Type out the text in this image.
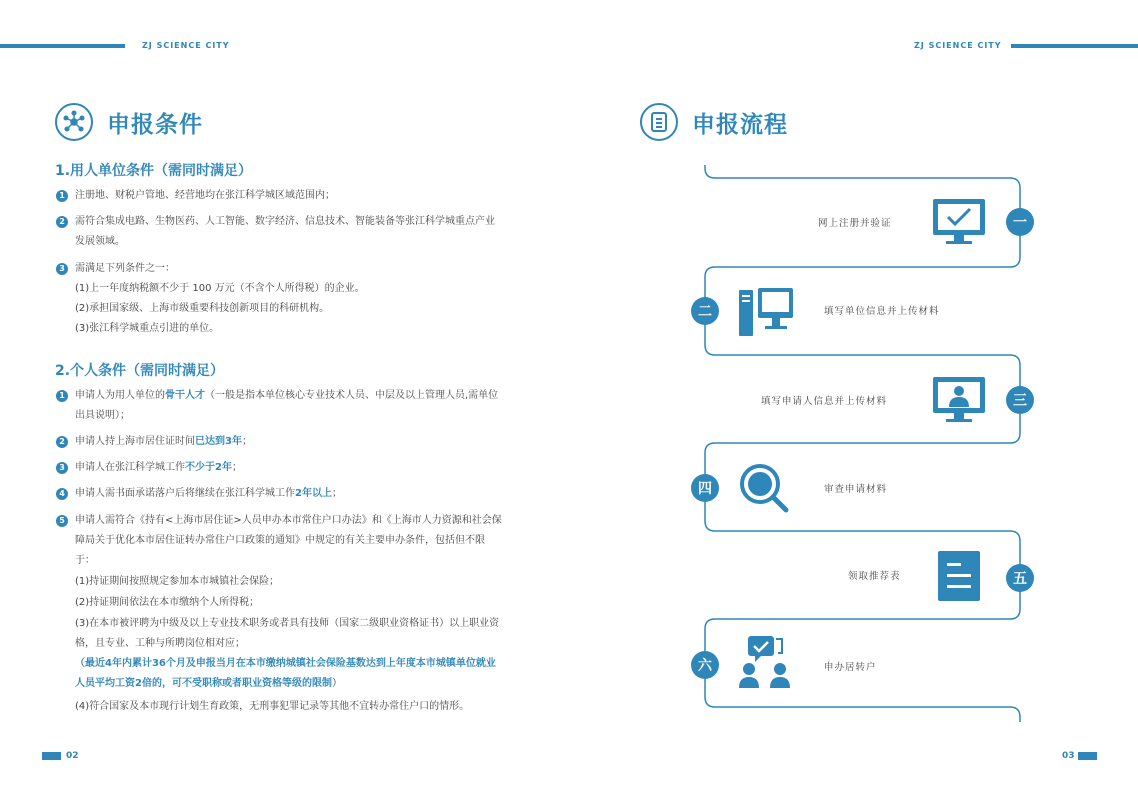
ZJ SCIENCE CITY	ZJ SCIENCE CITY
申报条件
1.用人单位条件（需同时满足）
1	注册地、财税户管地、经营地均在张江科学城区域范围内；
2	需符合集成电路、生物医药、人工智能、数字经济、信息技术、智能装备等张江科学城重点产业发展领域。
3	需满足下列条件之一：
(1)上一年度纳税额不少于 100 万元（不含个人所得税）的企业。
(2)承担国家级、上海市级重要科技创新项目的科研机构。
(3)张江科学城重点引进的单位。
2.个人条件（需同时满足）
1	申请人为用人单位的骨干人才（一般是指本单位核心专业技术人员、中层及以上管理人员,需单位出具说明）；
2	申请人持上海市居住证时间已达到3年；
3	申请人在张江科学城工作不少于2年；
4	申请人需书面承诺落户后将继续在张江科学城工作2年以上；
5	申请人需符合《持有<上海市居住证>人员申办本市常住户口办法》和《上海市人力资源和社会保障局关于优化本市居住证转办常住户口政策的通知》中规定的有关主要申办条件，包括但不限于：
(1)持证期间按照规定参加本市城镇社会保险；
(2)持证期间依法在本市缴纳个人所得税；
(3)在本市被评聘为中级及以上专业技术职务或者具有技师（国家二级职业资格证书）以上职业资格，且专业、工种与所聘岗位相对应；
（最近4年内累计36个月及申报当月在本市缴纳城镇社会保险基数达到上年度本市城镇单位就业人员平均工资2倍的，可不受职称或者职业资格等级的限制）
(4)符合国家及本市现行计划生育政策，无刑事犯罪记录等其他不宜转办常住户口的情形。
02
申报流程
网上注册并验证	一
二	填写单位信息并上传材料
填写申请人信息并上传材料	三
四	审查申请材料
领取推荐表	五
六	申办居转户
03
